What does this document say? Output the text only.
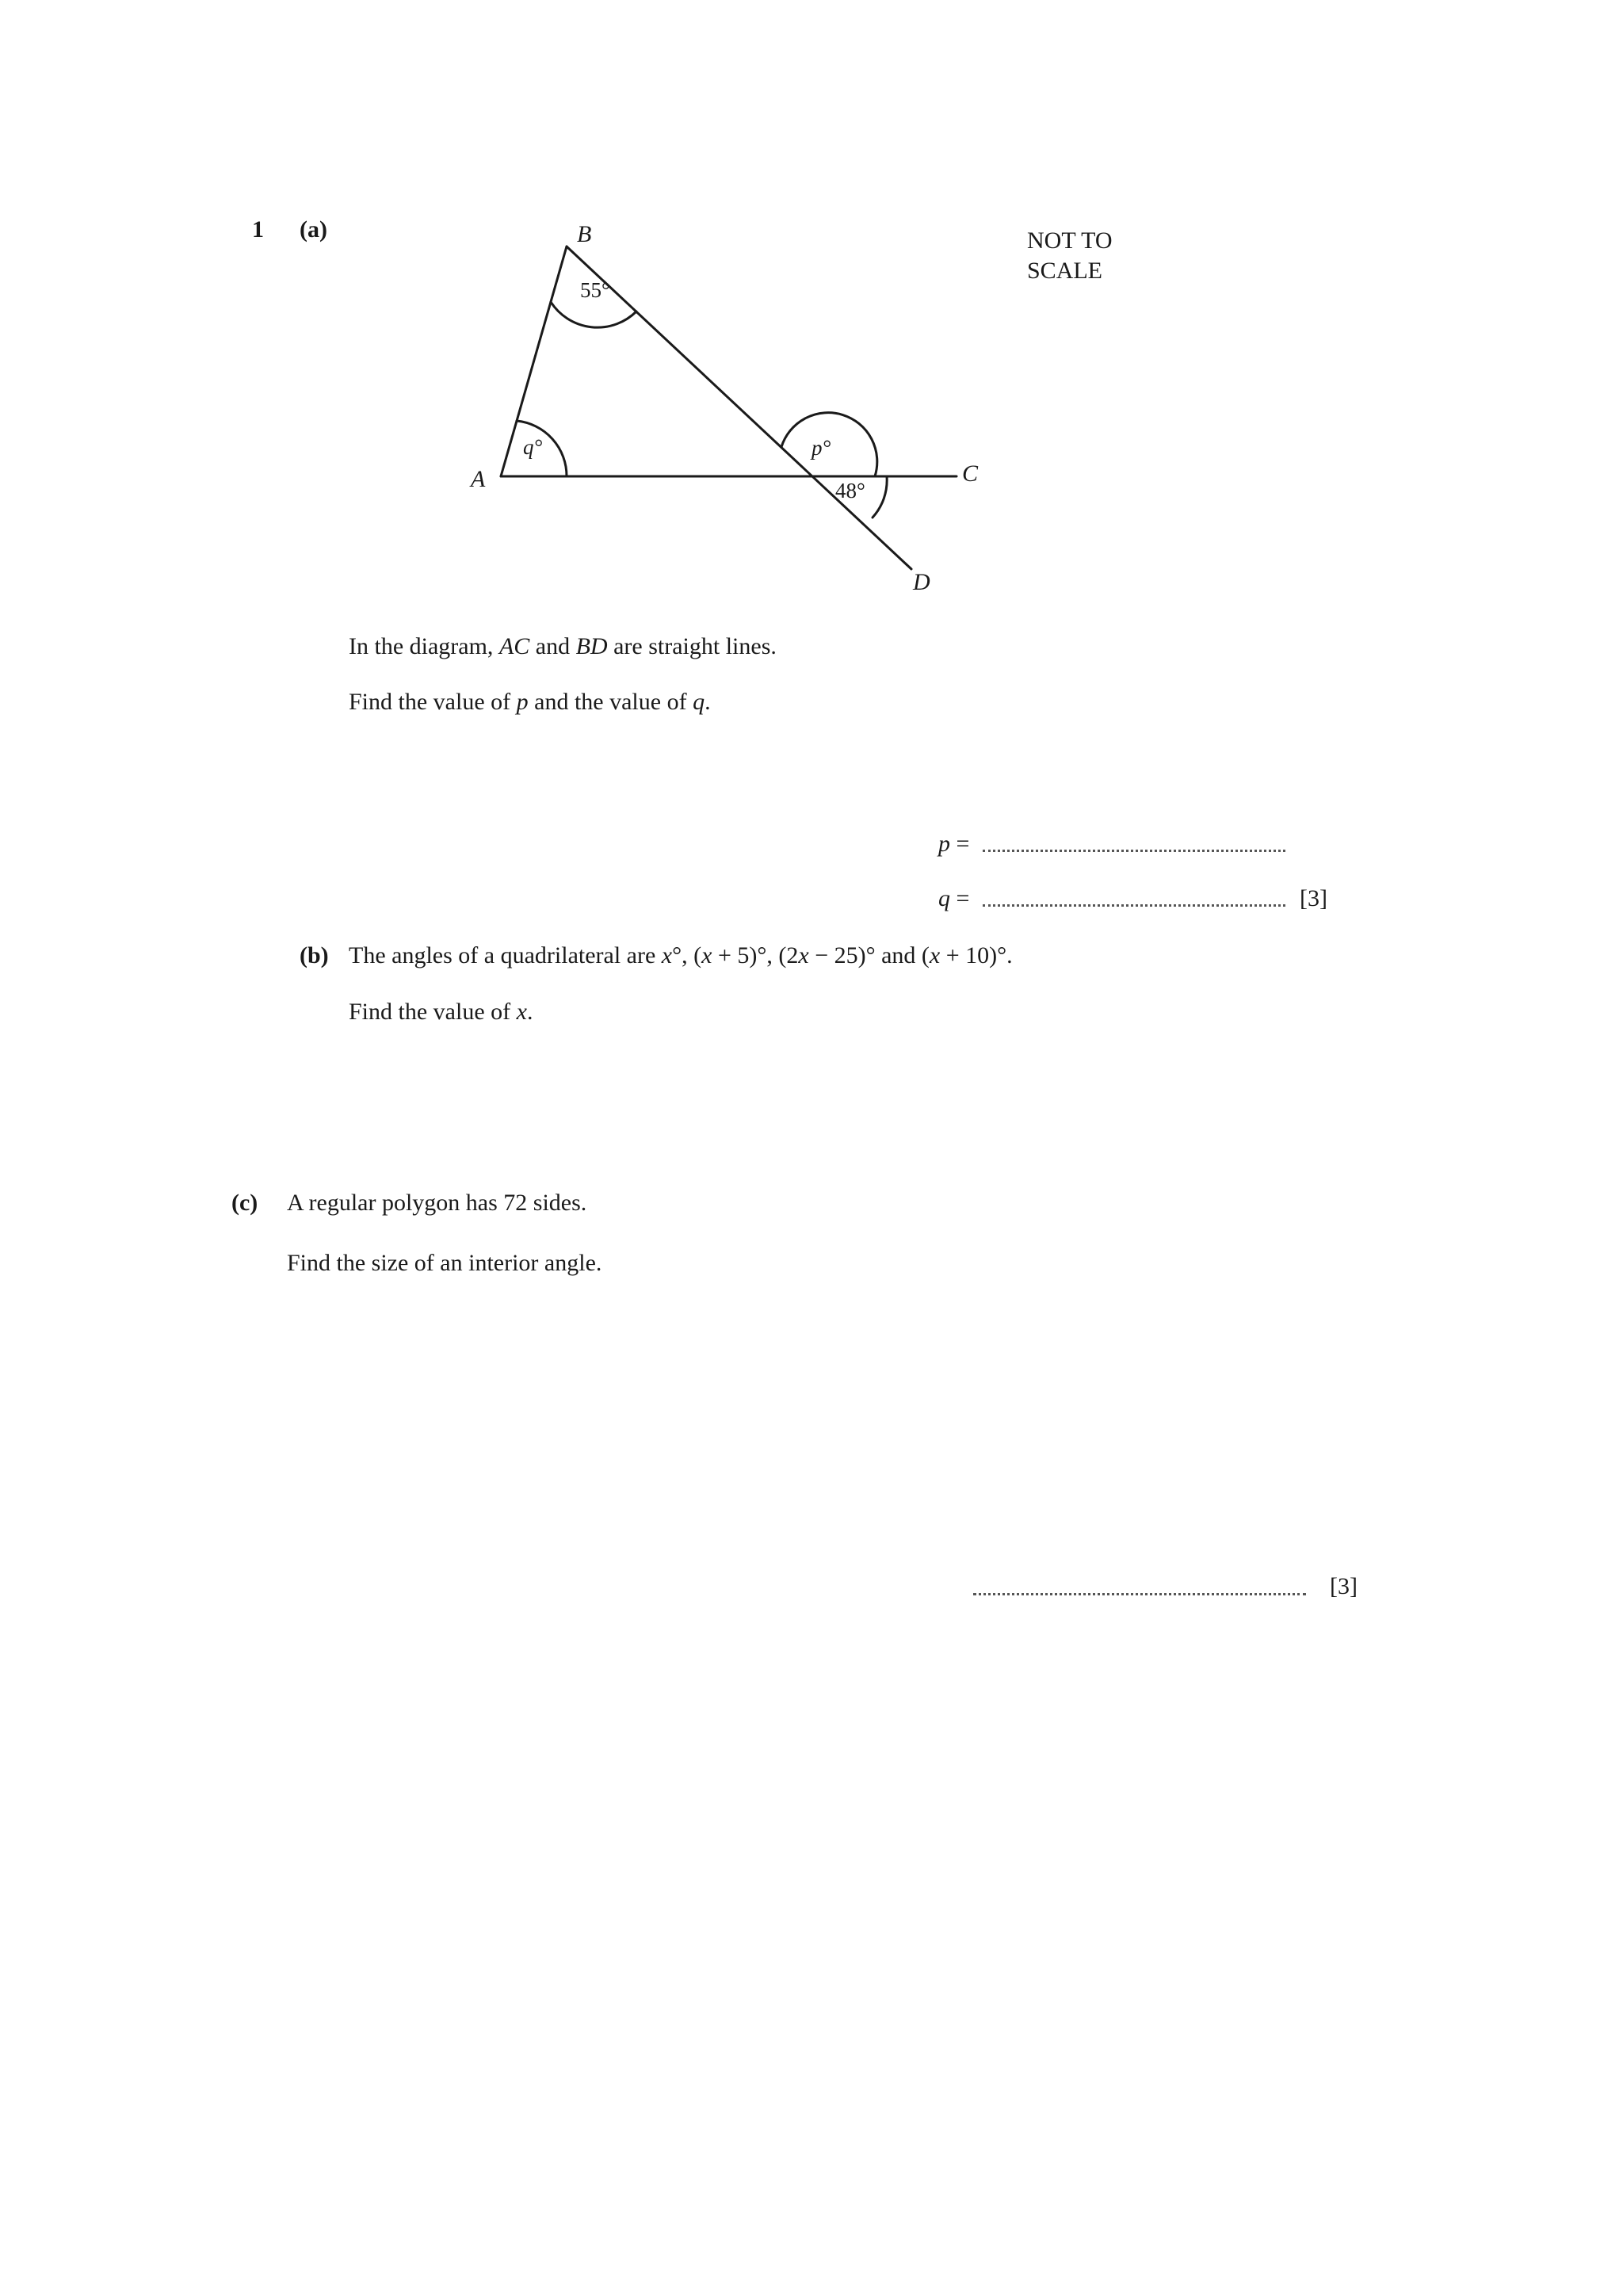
1 (a)	NOT TO
SCALE
B
A	C
D
55°
q°	p°
48°
In the diagram, AC and BD are straight lines.
Find the value of p and the value of q.
p =
q =	[3]
(b) The angles of a quadrilateral are x°, (x + 5)°, (2x − 25)° and (x + 10)°.
Find the value of x.
(c) A regular polygon has 72 sides.
Find the size of an interior angle.
[3]
